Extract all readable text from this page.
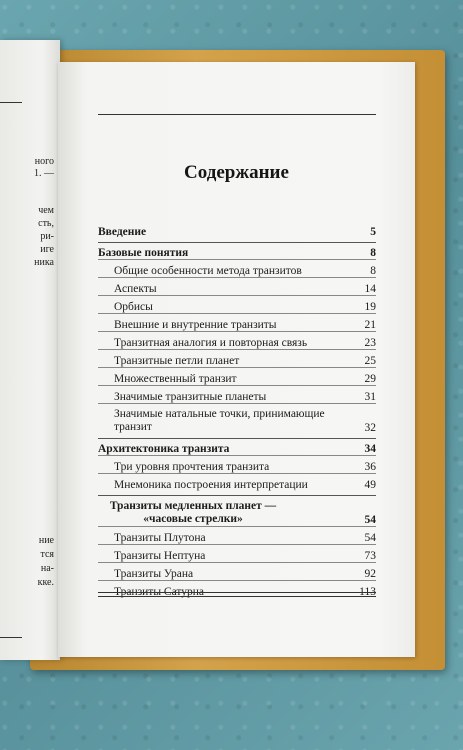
ного
1. —
чем
сть,
ри-
иге
ника
ние
тся
на-
кке.
Содержание
Введение	5
Базовые понятия	8
Общие особенности метода транзитов	8
Аспекты	14
Орбисы	19
Внешние и внутренние транзиты	21
Транзитная аналогия и повторная связь	23
Транзитные петли планет	25
Множественный транзит	29
Значимые транзитные планеты	31
Значимые натальные точки, принимающие транзит	32
Архитектоника транзита	34
Три уровня прочтения транзита	36
Мнемоника построения интерпретации	49
Транзиты медленных планет — «часовые стрелки»	54
Транзиты Плутона	54
Транзиты Нептуна	73
Транзиты Урана	92
Транзиты Сатурна	113
